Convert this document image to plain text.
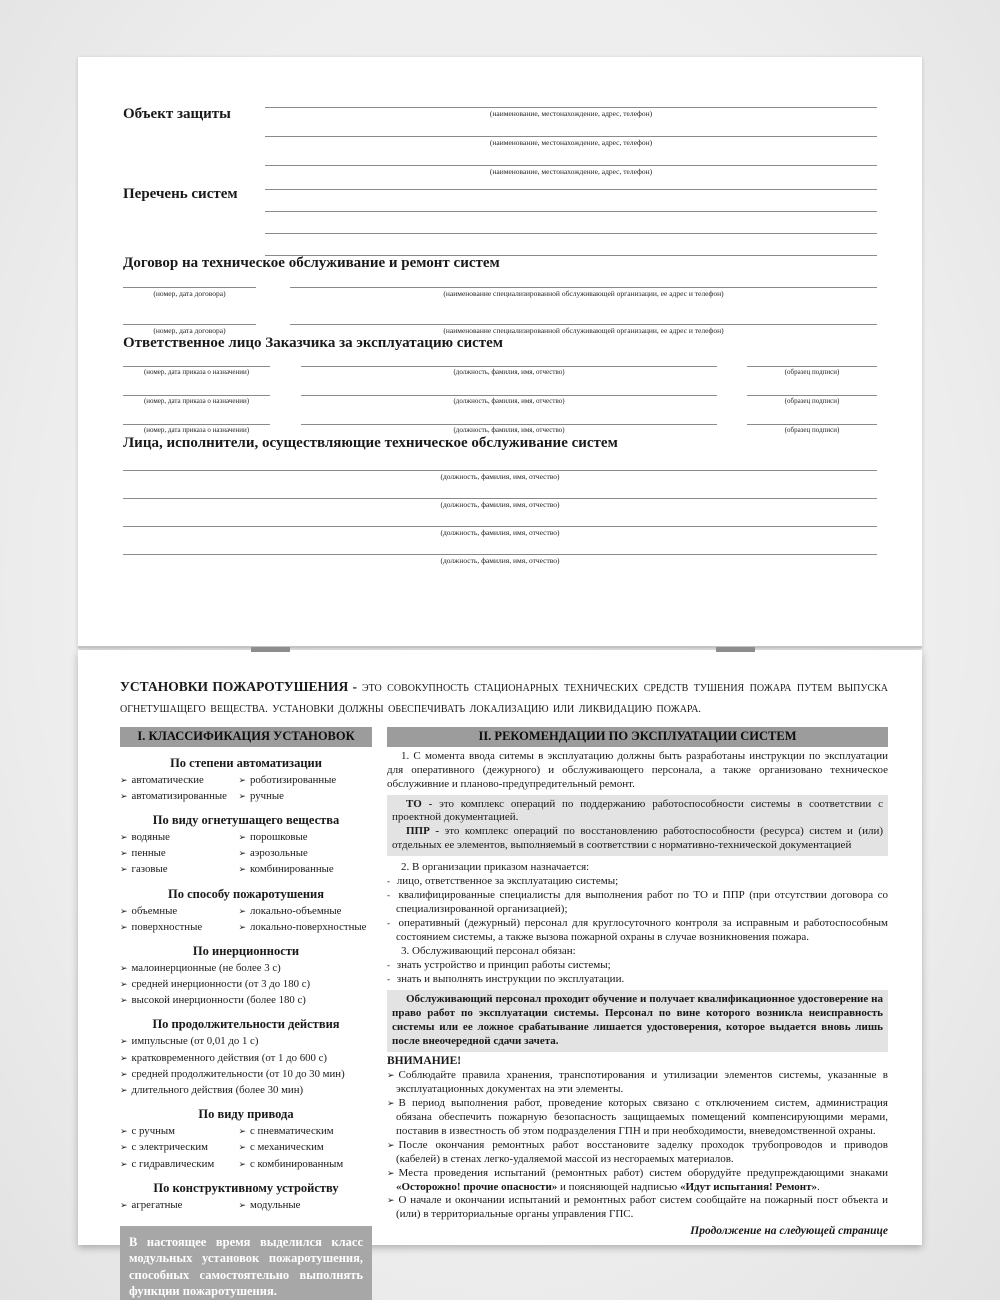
Объект защиты	(наименование, местонахождение, адрес, телефон)
(наименование, местонахождение, адрес, телефон)
(наименование, местонахождение, адрес, телефон)
Перечень систем
Договор на техническое обслуживание и ремонт систем
(номер, дата договора)	(наименование специализированной обслуживающей организации, ее адрес и телефон)
(номер, дата договора)	(наименование специализированной обслуживающей организации, ее адрес и телефон)
Ответственное лицо Заказчика за эксплуатацию систем
(номер, дата приказа о назначении)	(должность, фамилия, имя, отчество)	(образец подписи)
(номер, дата приказа о назначении)	(должность, фамилия, имя, отчество)	(образец подписи)
(номер, дата приказа о назначении)	(должность, фамилия, имя, отчество)	(образец подписи)
Лица, исполнители, осуществляющие техническое обслуживание систем
(должность, фамилия, имя, отчество)
(должность, фамилия, имя, отчество)
(должность, фамилия, имя, отчество)
(должность, фамилия, имя, отчество)

УСТАНОВКИ ПОЖАРОТУШЕНИЯ - ЭТО СОВОКУПНОСТЬ СТАЦИОНАРНЫХ ТЕХНИЧЕСКИХ СРЕДСТВ ТУШЕНИЯ ПОЖАРА ПУТЕМ ВЫПУСКА ОГНЕТУШАЩЕГО ВЕЩЕСТВА. УСТАНОВКИ ДОЛЖНЫ ОБЕСПЕЧИВАТЬ ЛОКАЛИЗАЦИЮ ИЛИ ЛИКВИДАЦИЮ ПОЖАРА.

I. КЛАССИФИКАЦИЯ УСТАНОВОК
По степени автоматизации
➢ автоматические	➢ роботизированные
➢ автоматизированные	➢ ручные
По виду огнетушащего вещества
➢ водяные	➢ порошковые
➢ пенные	➢ аэрозольные
➢ газовые	➢ комбинированные
По способу пожаротушения
➢ объемные	➢ локально-объемные
➢ поверхностные	➢ локально-поверхностные
По инерционности
➢ малоинерционные (не более 3 с)
➢ средней инерционности (от 3 до 180 с)
➢ высокой инерционности (более 180 с)
По продолжительности действия
➢ импульсные (от 0,01 до 1 с)
➢ кратковременного действия (от 1 до 600 с)
➢ средней продолжительности (от 10 до 30 мин)
➢ длительного действия (более 30 мин)
По виду привода
➢ с ручным	➢ с пневматическим
➢ с электрическим	➢ с механическим
➢ с гидравлическим	➢ с комбинированным
По конструктивному устройству
➢ агрегатные	➢ модульные
В настоящее время выделился класс модульных установок пожаротушения, способных самостоятельно выполнять функции пожаротушения.
II. РЕКОМЕНДАЦИИ ПО ЭКСПЛУАТАЦИИ СИСТЕМ

1. С момента ввода ситемы в эксплуатацию должны быть разработаны инструкции по эксплуатации для оперативного (дежурного) и обслуживающего персонала, а также организовано техническое обслуживние и планово-предупредительный ремонт.

ТО - это комплекс операций по поддержанию работоспособности системы в соответствии с проектной документацией.

ППР - это комплекс операций по восстановлению работоспособности (ресурса) систем и (или) отдельных ее элементов, выполняемый в соответствии с нормативно-технической документацией

2. В организации приказом назначается:

- лицо, ответственное за эксплуатацию системы;
- квалифицированные специалисты для выполнения работ по ТО и ППР (при отсутствии договора со специализированной организацией);
- оперативный (дежурный) персонал для круглосуточного контроля за исправным и работоспособным состоянием системы, а также вызова пожарной охраны в случае возникновения пожара.

3. Обслуживающий персонал обязан:

- знать устройство и принцип работы системы;
- знать и выполнять инструкции по эксплуатации.

Обслуживающий персонал проходит обучение и получает квалификационное удостоверение на право работ по эксплуатации системы. Персонал по вине которого возникла неисправность системы или ее ложное срабатывание лишается удостоверения, которое выдается вновь лишь после внеочередной сдачи зачета.

ВНИМАНИЕ!

➢ Соблюдайте правила хранения, транспотирования и утилизации элементов системы, указанные в эксплуатационных документах на эти элементы.
➢ В период выполнения работ, проведение которых связано с отключением систем, администрация обязана обеспечить пожарную безопасность защищаемых помещений компенсирующими мерами, поставив в известность об этом подразделения ГПН и при необходимости, вневедомственной охраны.
➢ После окончания ремонтных работ восстановите заделку проходок трубопроводов и приводов (кабелей) в стенах легко-удаляемой массой из несгораемых материалов.
➢ Места проведения испытаний (ремонтных работ) систем оборудуйте предупреждающими знаками «Осторожно! прочие опасности» и поясняющей надписью «Идут испытания! Ремонт».
➢ О начале и окончании испытаний и ремонтных работ систем сообщайте на пожарный пост объекта и (или) в территориальные органы управления ГПС.

Продолжение на следующей странице
